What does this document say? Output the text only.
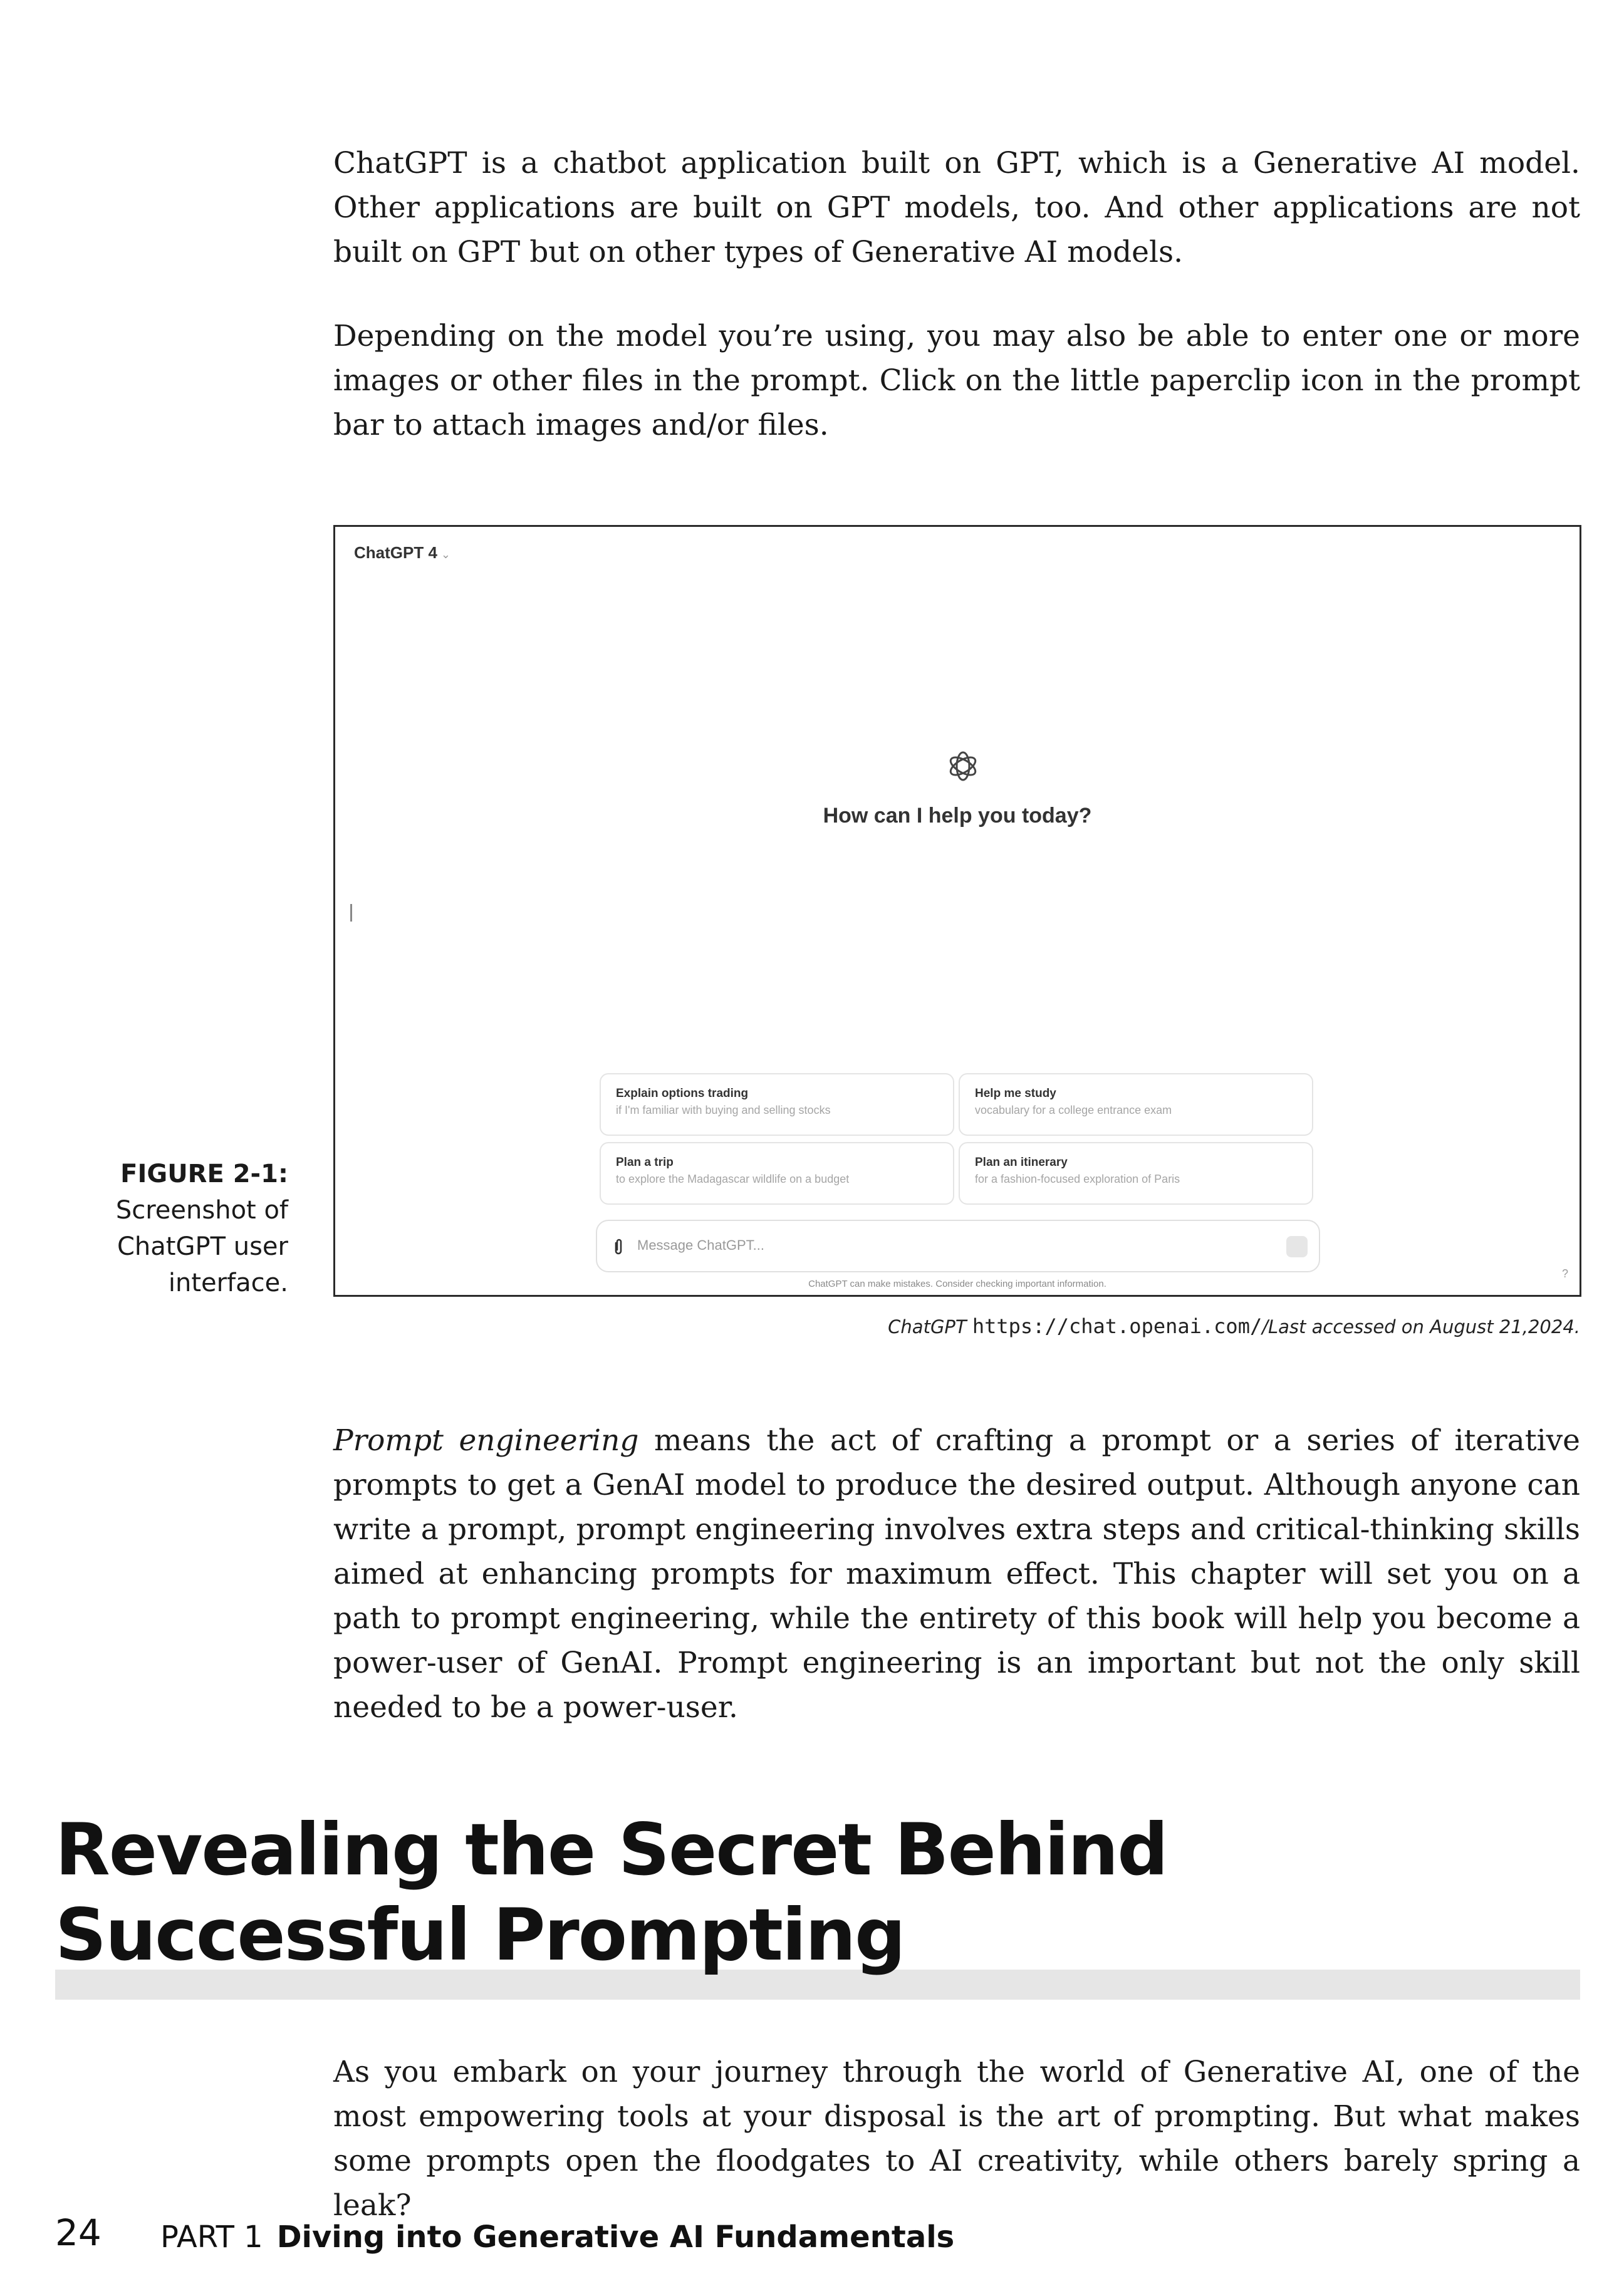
ChatGPT is a chatbot application built on GPT, which is a Generative AI model. Other applications are built on GPT models, too. And other applications are not built on GPT but on other types of Generative AI models.

Depending on the model you’re using, you may also be able to enter one or more images or other files in the prompt. Click on the little paperclip icon in the prompt bar to attach images and/or files.

ChatGPT 4 ⌄
How can I help you today?
Explain options trading
if I'm familiar with buying and selling stocks
Help me study
vocabulary for a college entrance exam
Plan a trip
to explore the Madagascar wildlife on a budget
Plan an itinerary
for a fashion-focused exploration of Paris
Message ChatGPT...
ChatGPT can make mistakes. Consider checking important information.
?
FIGURE 2-1:
Screenshot of ChatGPT user interface.
ChatGPT https://chat.openai.com//Last accessed on August 21,2024.

Prompt engineering means the act of crafting a prompt or a series of iterative prompts to get a GenAI model to produce the desired output. Although anyone can write a prompt, prompt engineering involves extra steps and critical-thinking skills aimed at enhancing prompts for maximum effect. This chapter will set you on a path to prompt engineering, while the entirety of this book will help you become a power-user of GenAI. Prompt engineering is an important but not the only skill needed to be a power-user.

Revealing the Secret Behind
Successful Prompting

As you embark on your journey through the world of Generative AI, one of the most empowering tools at your disposal is the art of prompting. But what makes some prompts open the floodgates to AI creativity, while others barely spring a leak?

24 PART 1 Diving into Generative AI Fundamentals
